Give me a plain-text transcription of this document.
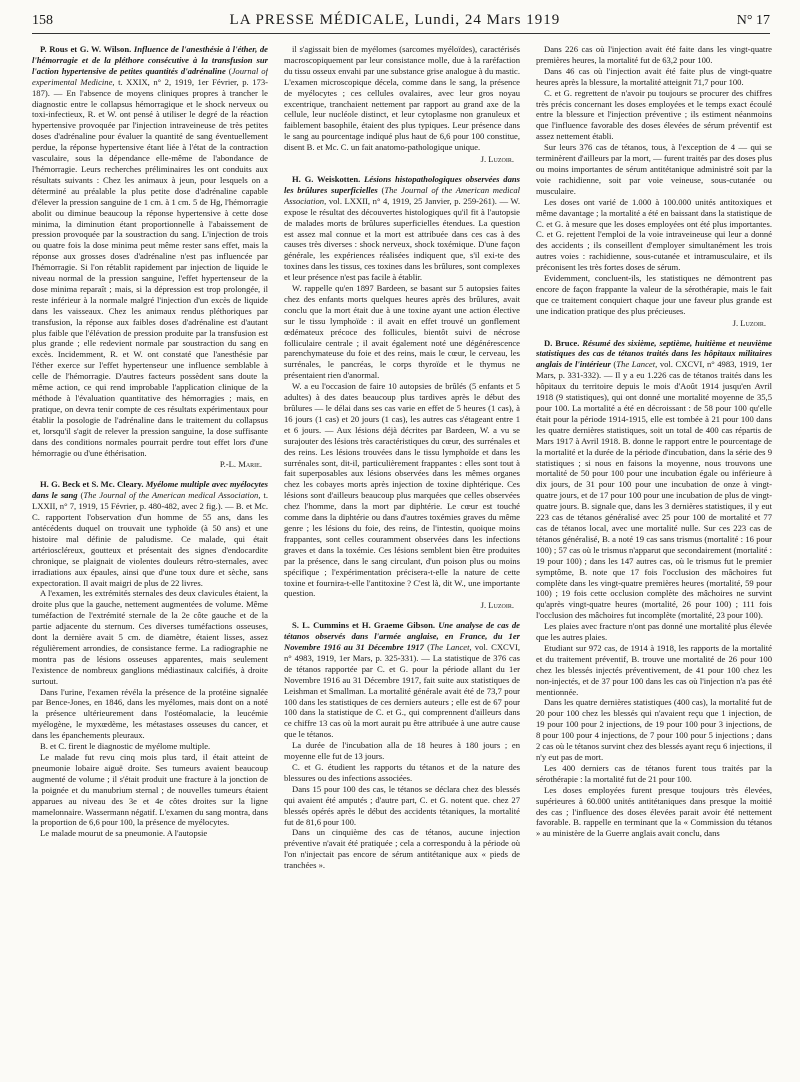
158	LA PRESSE MÉDICALE, Lundi, 24 Mars 1919	N° 17

P. Rous et G. W. Wilson. Influence de l'anesthésie à l'éther, de l'hémorragie et de la pléthore consécutive à la transfusion sur l'action hypertensive de petites quantités d'adrénaline (Journal of experimental Medicine, t. XXIX, n° 2, 1919, 1er Février, p. 173-187). — En l'absence de moyens cliniques propres à trancher le diagnostic entre le collapsus hémorragique et le shock nerveux ou toxi-infectieux, R. et W. ont pensé à utiliser le degré de la réaction hypertensive provoquée par l'injection intraveineuse de très petites doses d'adrénaline pour évaluer la quantité de sang éventuellement perdue, la réponse hypertensive étant liée à l'état de la contraction vasculaire, sous la dépendance elle-même de l'abondance de l'hémorragie. Leurs recherches préliminaires les ont conduits aux résultats suivants : Chez les animaux à jeun, pour lesquels on a déterminé au préalable la plus petite dose d'adrénaline capable d'élever la pression sanguine de 1 cm. à 1 cm. 5 de Hg, l'hémorragie abolit ou diminue beaucoup la réponse hypertensive à cette dose minima, la diminution étant proportionnelle à l'abaissement de pression provoquée par la soustraction du sang. L'injection de trois ou quatre fois la dose minima peut même rester sans effet, mais la réponse aux grosses doses d'adrénaline n'est pas influencée par l'hémorragie. Si l'on rétablit rapidement par injection de liquide le niveau normal de la pression sanguine, l'effet hypertenseur de la dose minima reparaît ; mais, si la dépression est trop prolongée, il reste inférieur à la normale malgré l'injection d'un excès de liquide dans les vaisseaux. Chez les animaux rendus pléthoriques par transfusion, la réponse aux faibles doses d'adrénaline est d'autant plus faible que l'élévation de pression produite par la transfusion est plus grande ; elle redevient normale par soustraction du sang en excès. Incidemment, R. et W. ont constaté que l'anesthésie par l'éther exerce sur l'effet hypertenseur une influence semblable à celle de l'hémorragie. D'autres facteurs possèdent sans doute la même action, ce qui rend improbable l'application clinique de la méthode à l'évaluation quantitative des hémorragies ; mais, en pratique, on devra tenir compte de ces résultats expérimentaux pour établir la posologie de l'adrénaline dans le traitement du collapsus et, lorsqu'il s'agit de relever la pression sanguine, la dose suffisante dans des conditions normales pourrait perdre tout effet lors d'une hémorragie ou d'une éthérisation.

P.-L. Marie.

H. G. Beck et S. Mc. Cleary. Myélome multiple avec myélocytes dans le sang (The Journal of the American medical Association, t. LXXII, n° 7, 1919, 15 Février, p. 480-482, avec 2 fig.). — B. et Mc. C. rapportent l'observation d'un homme de 55 ans, dans les antécédents duquel on trouvait une typhoïde (à 50 ans) et une histoire mal définie de paludisme. Ce malade, qui était artérioscléreux, goutteux et présentait des signes d'endocardite chronique, se plaignait de violentes douleurs rétro-sternales, avec irradiations aux épaules, ainsi que d'une toux dure et sèche, sans expectoration. Il avait maigri de plus de 22 livres.

A l'examen, les extrémités sternales des deux clavicules étaient, la droite plus que la gauche, nettement augmentées de volume. Même tuméfaction de l'extrémité sternale de la 2e côte gauche et de la partie adjacente du sternum. Ces diverses tuméfactions osseuses, dont la dernière avait 5 cm. de diamètre, étaient lisses, assez régulièrement arrondies, de consistance ferme. La radiographie ne montra pas de lésions osseuses apparentes, mais seulement l'existence de nombreux ganglions médiastinaux calcifiés, à droite surtout.

Dans l'urine, l'examen révéla la présence de la protéine signalée par Bence-Jones, en 1846, dans les myélomes, mais dont on a noté la présence ultérieurement dans l'ostéomalacie, la leucémie myélogène, le myxœdème, les métastases osseuses du cancer, et dans les épanchements pleuraux.

B. et C. firent le diagnostic de myélome multiple.

Le malade fut revu cinq mois plus tard, il était atteint de pneumonie lobaire aiguë droite. Ses tumeurs avaient beaucoup augmenté de volume ; il s'était produit une fracture à la jonction de la poignée et du manubrium sternal ; de nouvelles tumeurs étaient apparues au niveau des 3e et 4e côtes droites sur la ligne mamelonnaire. Wassermann négatif. L'examen du sang montra, dans la proportion de 6,6 pour 100, la présence de myélocytes.

Le malade mourut de sa pneumonie. A l'autopsie

il s'agissait bien de myélomes (sarcomes myéloïdes), caractérisés macroscopiquement par leur consistance molle, due à la raréfaction du tissu osseux envahi par une substance grise analogue à du mastic. L'examen microscopique décela, comme dans le sang, la présence de myélocytes ; ces cellules ovalaires, avec leur gros noyau excentrique, tranchaient nettement par rapport au grand axe de la cellule, leur nucléole distinct, et leur cytoplasme non granuleux et faiblement basophile, étaient des plus typiques. Leur présence dans le sang au pourcentage indiqué plus haut de 6,6 pour 100 constitue, disent B. et Mc. C. un fait anatomo-pathologique unique.

J. Luzoir.

H. G. Weiskotten. Lésions histopathologiques observées dans les brûlures superficielles (The Journal of the American medical Association, vol. LXXII, n° 4, 1919, 25 Janvier, p. 259-261). — W. expose le résultat des découvertes histologiques qu'il fit à l'autopsie de malades morts de brûlures superficielles étendues. La question est assez mal connue et la mort est attribuée dans ces cas à des causes très diverses : shock nerveux, shock toxémique. D'une façon générale, les expériences réalisées indiquent que, s'il exi-te des toxines dans les tissus, ces toxines dans les brûlures, sont complexes et leur présence n'est pas facile à établir.

W. rappelle qu'en 1897 Bardeen, se basant sur 5 autopsies faites chez des enfants morts quelques heures après des brûlures, avait conclu que la mort était due à une toxine ayant une action élective sur le tissu lymphoïde : il avait en effet trouvé un gonflement œdémateux précoce des follicules, bientôt suivi de nécrose folliculaire centrale ; il avait également noté une dégénérescence parenchymateuse du foie et des reins, mais le cœur, le cerveau, les surrénales, le pancréas, le corps thyroïde et le thymus ne présentaient rien d'anormal.

W. a eu l'occasion de faire 10 autopsies de brûlés (5 enfants et 5 adultes) à des dates beaucoup plus tardives après le début des brûlures — le délai dans ses cas varie en effet de 5 heures (1 cas), à 16 jours (1 cas) et 20 jours (1 cas), les autres cas s'étageant entre 1 et 6 jours. — Aux lésions déjà décrites par Bardeen, W. a vu se surajouter des lésions très caractéristiques du cœur, des surrénales et des reins. Les lésions trouvées dans le tissu lymphoïde et dans les surrénales sont, dit-il, particulièrement frappantes : elles sont tout à fait superposables aux lésions observées dans les mêmes organes chez les cobayes morts après injection de toxine diphtérique. Ces lésions sont d'ailleurs beaucoup plus marquées que celles observées chez l'homme, dans la mort par diphtérie. Le cœur est touché comme dans la diphtérie ou dans d'autres toxémies graves du même genre ; les lésions du foie, des reins, de l'intestin, quoique moins frappantes, sont celles couramment observées dans les infections graves et dans la toxémie. Ces lésions semblent bien être produites par la présence, dans le sang circulant, d'un poison plus ou moins spécifique ; l'expérimentation précisera-t-elle la nature de cette toxine et fournira-t-elle l'antitoxine ? C'est là, dit W., une importante question.

J. Luzoir.

S. L. Cummins et H. Graeme Gibson. Une analyse de cas de tétanos observés dans l'armée anglaise, en France, du 1er Novembre 1916 au 31 Décembre 1917 (The Lancet, vol. CXCVI, n° 4983, 1919, 1er Mars, p. 325-331). — La statistique de 376 cas de tétanos rapportée par C. et G. pour la période allant du 1er Novembre 1916 au 31 Décembre 1917, fait suite aux statistiques de Leishman et Smallman. La mortalité générale avait été de 73,7 pour 100 dans les statistiques de ces derniers auteurs ; elle est de 67 pour 100 dans la statistique de C. et G., qui comprennent d'ailleurs dans ce chiffre 13 cas où la mort aurait pu être attribuée à une autre cause que le tétanos.

La durée de l'incubation alla de 18 heures à 180 jours ; en moyenne elle fut de 13 jours.

C. et G. étudient les rapports du tétanos et de la nature des blessures ou des infections associées.

Dans 15 pour 100 des cas, le tétanos se déclara chez des blessés qui avaient été amputés ; d'autre part, C. et G. notent que. chez 27 blessés opérés après le début des accidents tétaniques, la mortalité fut de 81,6 pour 100.

Dans un cinquième des cas de tétanos, aucune injection préventive n'avait été pratiquée ; cela a correspondu à la période où l'on n'injectait pas encore de sérum antitétanique aux « pieds de tranchées ».

Dans 226 cas où l'injection avait été faite dans les vingt-quatre premières heures, la mortalité fut de 63,2 pour 100.

Dans 46 cas où l'injection avait été faite plus de vingt-quatre heures après la blessure, la mortalité atteignit 71,7 pour 100.

C. et G. regrettent de n'avoir pu toujours se procurer des chiffres très précis concernant les doses employées et le temps exact écoulé entre la blessure et l'injection préventive ; ils estiment néanmoins que l'influence favorable des doses élevées de sérum préventif est assez nettement établi.

Sur leurs 376 cas de tétanos, tous, à l'exception de 4 — qui se terminèrent d'ailleurs par la mort, — furent traités par des doses plus ou moins importantes de sérum antitétanique administré soit par la voie rachidienne, soit par voie veineuse, sous-cutanée ou musculaire.

Les doses ont varié de 1.000 à 100.000 unités antitoxiques et même davantage ; la mortalité a été en baissant dans la statistique de C. et G. à mesure que les doses employées ont été plus importantes. C. et G. rejettent l'emploi de la voie intraveineuse qui leur a donné des accidents ; ils conseillent d'employer simultanément les trois autres voies : rachidienne, sous-cutanée et intramusculaire, et ils préconisent les très fortes doses de sérum.

Evidemment, concluent-ils, les statistiques ne démontrent pas encore de façon frappante la valeur de la sérothérapie, mais le fait que ce traitement conquiert chaque jour une faveur plus grande est une indication pratique des plus précieuses.

J. Luzoir.

D. Bruce. Résumé des sixième, septième, huitième et neuvième statistiques des cas de tétanos traités dans les hôpitaux militaires anglais de l'intérieur (The Lancet, vol. CXCVI, n° 4983, 1919, 1er Mars, p. 331-332). — Il y a eu 1.226 cas de tétanos traités dans les hôpitaux du territoire depuis le mois d'Août 1914 jusqu'en Avril 1918 (9 statistiques), qui ont donné une mortalité moyenne de 35,5 pour 100. La mortalité a été en décroissant : de 58 pour 100 qu'elle était pour la période 1914-1915, elle est tombée à 21 pour 100 dans les quatre dernières statistiques, soit un total de 400 cas répartis de Mars 1917 à Avril 1918. B. donne le rapport entre le pourcentage de la mortalité et la durée de la période d'incubation, dans la série des 9 statistiques ; si nous en faisons la moyenne, nous trouvons une mortalité de 50 pour 100 pour une incubation égale ou inférieure à dix jours, de 31 pour 100 pour une incubation de onze à vingt-quatre jours, et de 17 pour 100 pour une incubation de plus de vingt-quatre jours. B. signale que, dans les 3 dernières statistiques, il y eut 223 cas de tétanos généralisé avec 25 pour 100 de mortalité et 77 cas de tétanos local, avec une mortalité nulle. Sur ces 223 cas de tétanos généralisé, B. a noté 19 cas sans trismus (mortalité : 16 pour 100) ; 57 cas où le trismus n'apparut que secondairement (mortalité : 19 pour 100) ; dans les 147 autres cas, où le trismus fut le premier symptôme, B. note que 17 fois l'occlusion des mâchoires fut complète dans les vingt-quatre premières heures (mortalité, 59 pour 100) ; 19 fois cette occlusion complète des mâchoires ne survint qu'après vingt-quatre heures (mortalité, 26 pour 100) ; 111 fois l'occlusion des mâchoires fut incomplète (mortalité, 23 pour 100).

Les plaies avec fracture n'ont pas donné une mortalité plus élevée que les autres plaies.

Etudiant sur 972 cas, de 1914 à 1918, les rapports de la mortalité et du traitement préventif, B. trouve une mortalité de 26 pour 100 chez les blessés injectés préventivement, de 41 pour 100 chez les non-injectés, et de 37 pour 100 dans les cas où l'injection n'a pas été mentionnée.

Dans les quatre dernières statistiques (400 cas), la mortalité fut de 20 pour 100 chez les blessés qui n'avaient reçu que 1 injection, de 19 pour 100 pour 2 injections, de 19 pour 100 pour 3 injections, de 8 pour 100 pour 4 injections, de 7 pour 100 pour 5 injections ; dans 2 cas où le tétanos survint chez des blessés ayant reçu 6 injections, il n'y eut pas de mort.

Les 400 derniers cas de tétanos furent tous traités par la sérothérapie : la mortalité fut de 21 pour 100.

Les doses employées furent presque toujours très élevées, supérieures à 60.000 unités antitétaniques dans presque la moitié des cas ; l'influence des doses élevées parait avoir été nettement favorable. B. rappelle en terminant que la « Commission du tétanos » au ministère de la Guerre anglais avait conclu, dans
